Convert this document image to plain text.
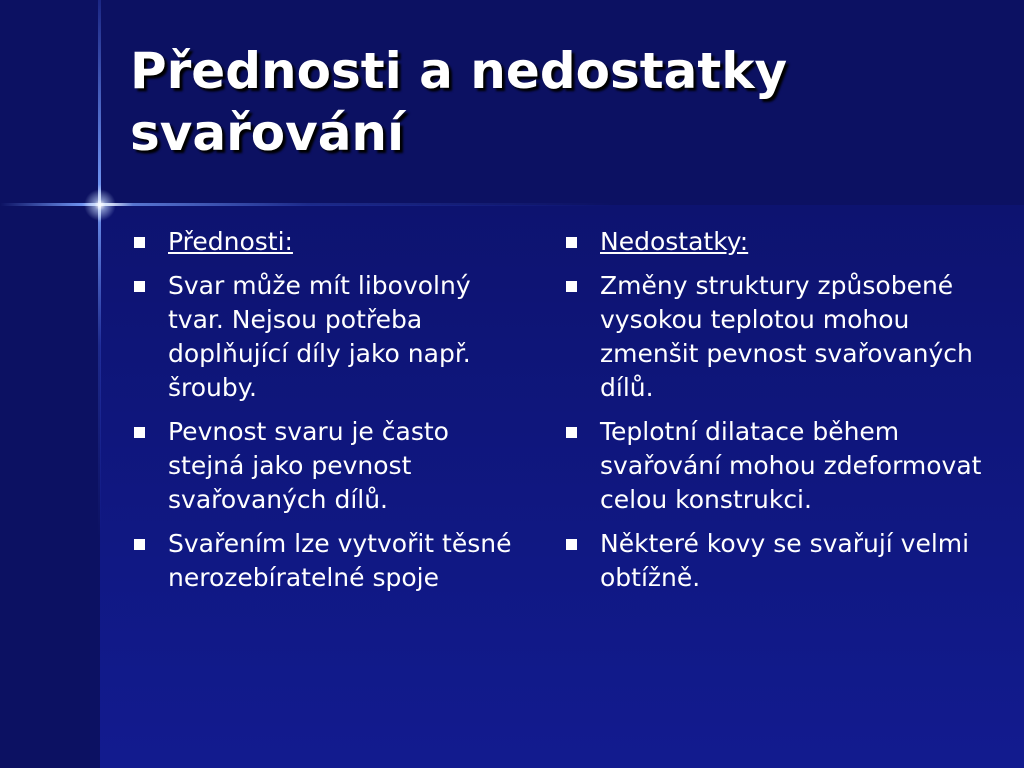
Přednosti a nedostatky
svařování
Přednosti:
Svar může mít libovolný tvar. Nejsou potřeba doplňující díly jako např. šrouby.
Pevnost svaru je často stejná jako pevnost svařovaných dílů.
Svařením lze vytvořit těsné nerozebíratelné spoje
Nedostatky:
Změny struktury způsobené vysokou teplotou mohou zmenšit pevnost svařovaných dílů.
Teplotní dilatace během svařování mohou zdeformovat celou konstrukci.
Některé kovy se svařují velmi obtížně.
